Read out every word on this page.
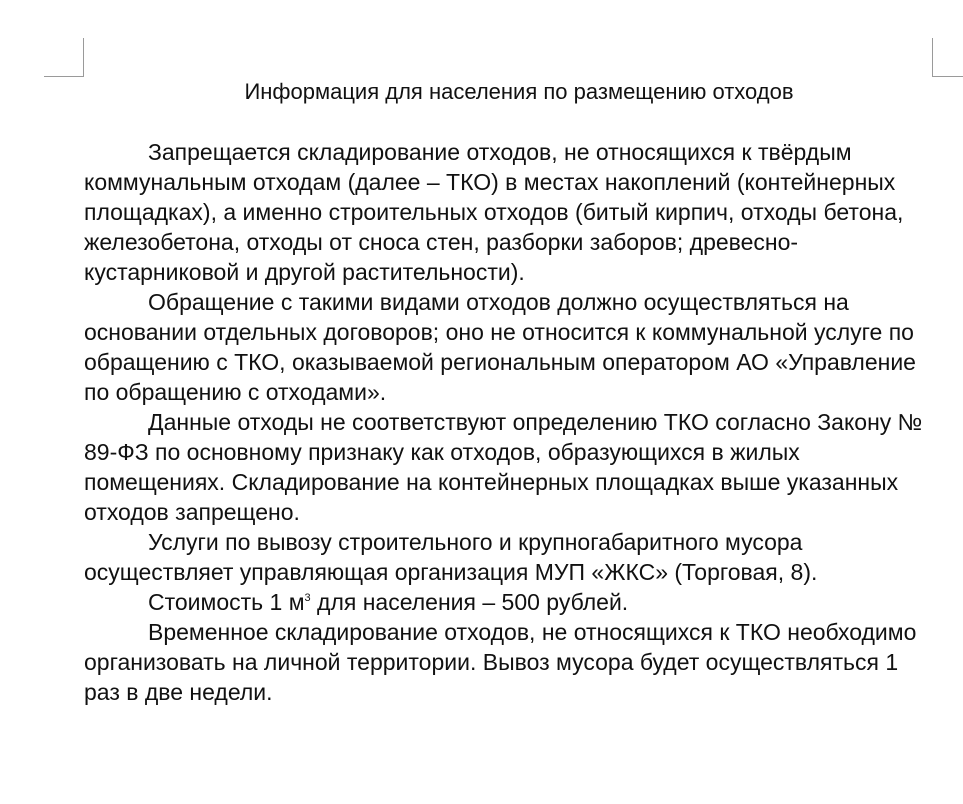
Информация для населения по размещению отходов

Запрещается складирование отходов, не относящихся к твёрдым коммунальным отходам (далее – ТКО) в местах накоплений (контейнерных площадках), а именно строительных отходов (битый кирпич, отходы бетона, железобетона, отходы от сноса стен, разборки заборов; древесно-кустарниковой и другой растительности).

Обращение с такими видами отходов должно осуществляться на основании отдельных договоров; оно не относится к коммунальной услуге по обращению с ТКО, оказываемой региональным оператором АО «Управление по обращению с отходами».

Данные отходы не соответствуют определению ТКО согласно Закону № 89-ФЗ по основному признаку как отходов, образующихся в жилых помещениях. Складирование на контейнерных площадках выше указанных отходов запрещено.

Услуги по вывозу строительного и крупногабаритного мусора осуществляет управляющая организация МУП «ЖКС» (Торговая, 8).

Стоимость 1 $м^3$ для населения – 500 рублей.

Временное складирование отходов, не относящихся к ТКО необходимо организовать на личной территории. Вывоз мусора будет осуществляться 1 раз в две недели.
